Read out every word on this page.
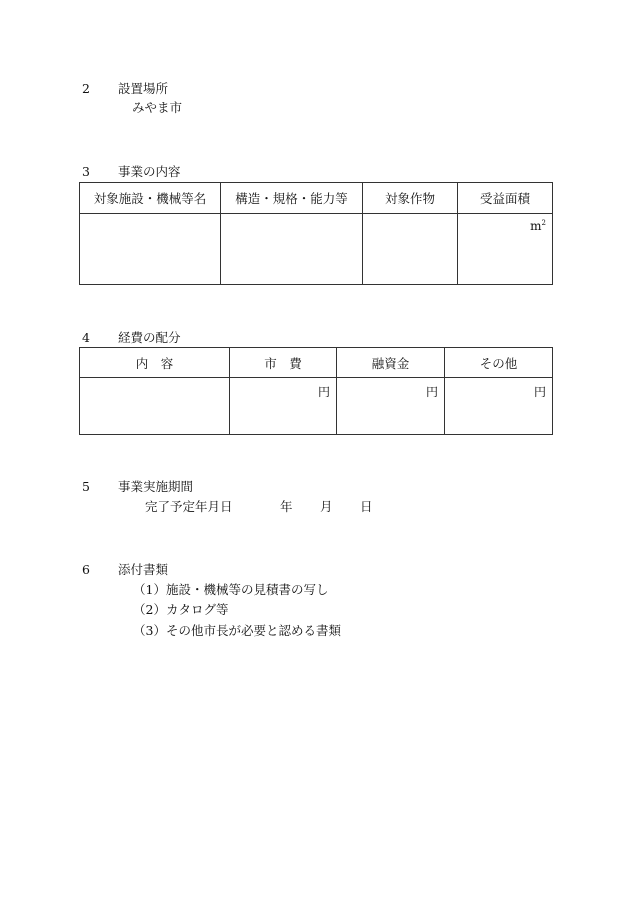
2 設置場所
みやま市
3 事業の内容
対象施設・機械等名	構造・規格・能力等	対象作物	受益面積

			$m^2$
4 経費の配分
内　容	市　費	融資金	その他

	円	円	円
5 事業実施期間
完了予定年月日	年 月 日
6 添付書類
（1）施設・機械等の見積書の写し
（2）カタログ等
（3）その他市長が必要と認める書類
